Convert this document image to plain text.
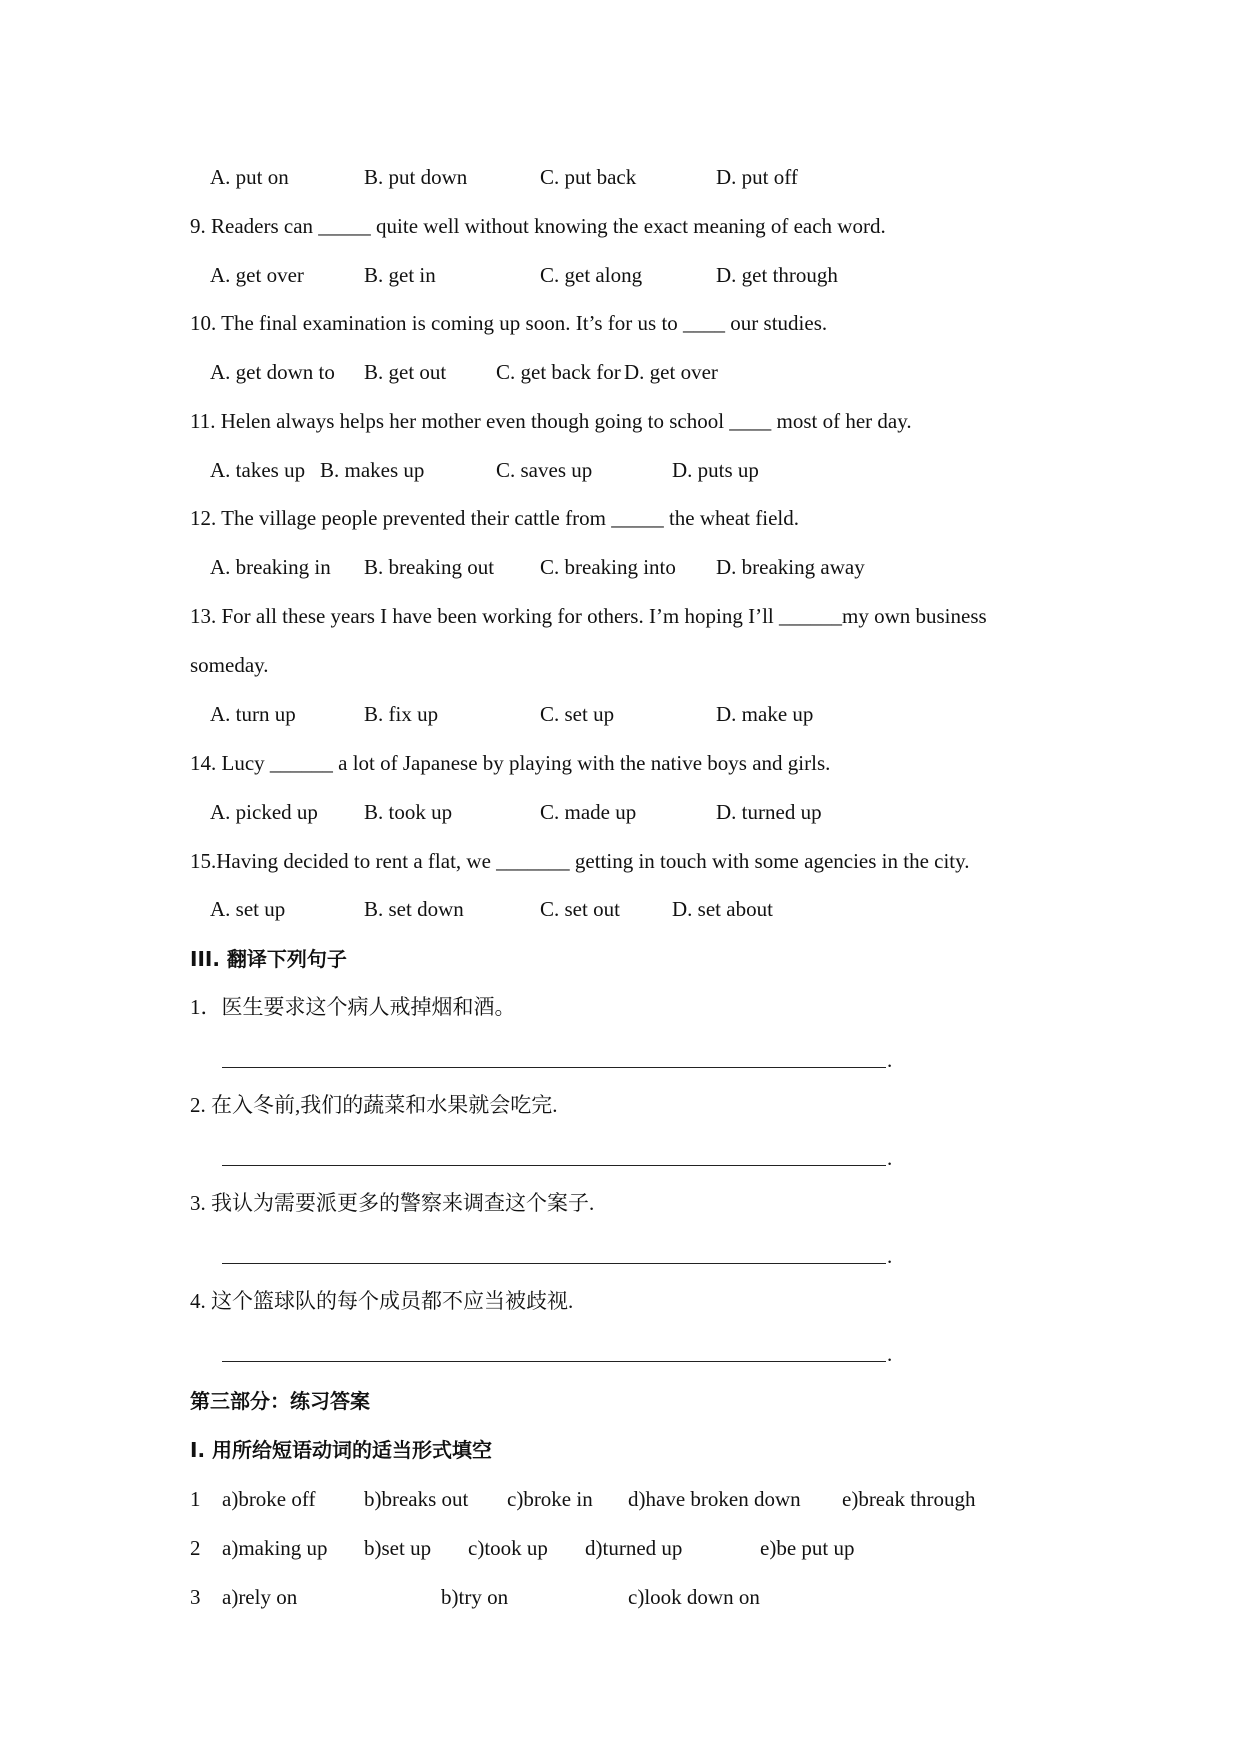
A. put on	B. put down	C. put back	D. put off
9. Readers can _____ quite well without knowing the exact meaning of each word.
A. get over	B. get in	C. get along	D. get through
10. The final examination is coming up soon. It’s for us to ____ our studies.
A. get down to B. get out C. get back for D. get over
11. Helen always helps her mother even though going to school ____ most of her day.
A. takes up B. makes up	C. saves up	D. puts up
12. The village people prevented their cattle from _____ the wheat field.
A. breaking in B. breaking out C. breaking into D. breaking away
13. For all these years I have been working for others. I’m hoping I’ll ______my own business
someday.
A. turn up	B. fix up	C. set up	D. make up
14. Lucy ______ a lot of Japanese by playing with the native boys and girls.
A. picked up B. took up	C. made up	D. turned up
15.Having decided to rent a flat, we _______ getting in touch with some agencies in the city.
A. set up	B. set down	C. set out D. set about
III. 翻译下列句子
1．医生要求这个病人戒掉烟和酒。
.
2. 在入冬前,我们的蔬菜和水果就会吃完.
.
3. 我认为需要派更多的警察来调查这个案子.
.
4. 这个篮球队的每个成员都不应当被歧视.
.
第三部分：练习答案
I. 用所给短语动词的适当形式填空
1 a)broke off b)breaks out c)broke in d)have broken down e)break through
2 a)making up b)set up c)took up d)turned up	e)be put up
3 a)rely on	b)try on	c)look down on
